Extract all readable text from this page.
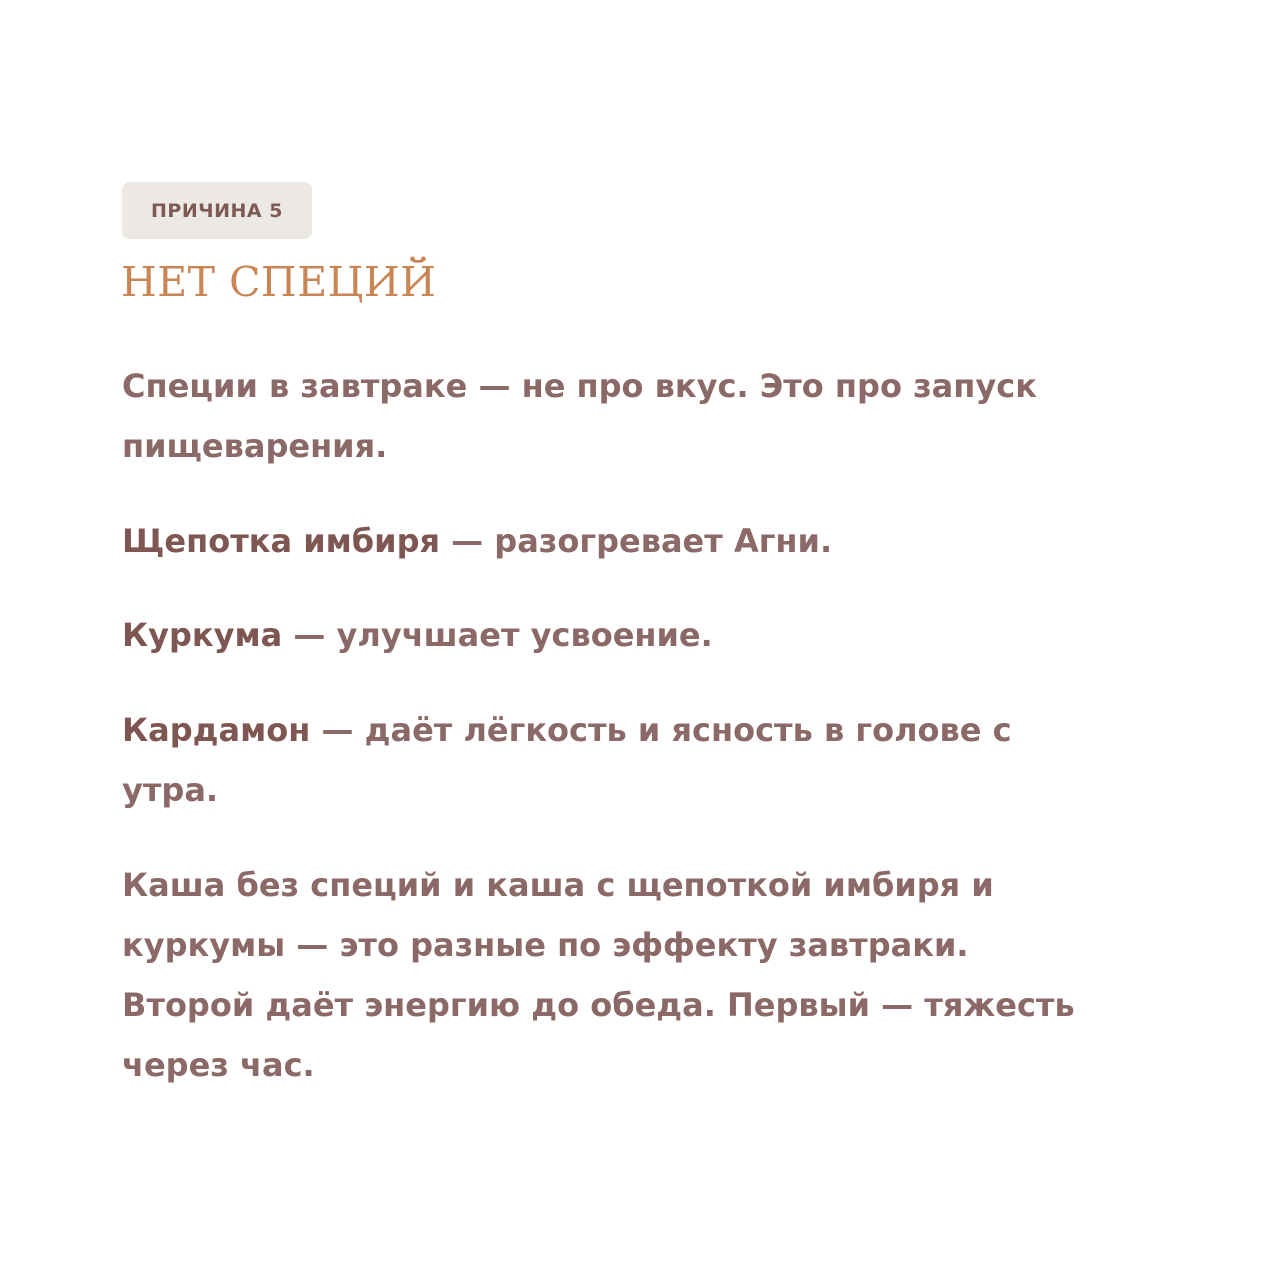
ПРИЧИНА 5
НЕТ СПЕЦИЙ

Специи в завтраке — не про вкус. Это про запуск
пищеварения.

Щепотка имбиря — разогревает Агни.

Куркума — улучшает усвоение.

Кардамон — даёт лёгкость и ясность в голове с
утра.

Каша без специй и каша с щепоткой имбиря и
куркумы — это разные по эффекту завтраки.
Второй даёт энергию до обеда. Первый — тяжесть
через час.
